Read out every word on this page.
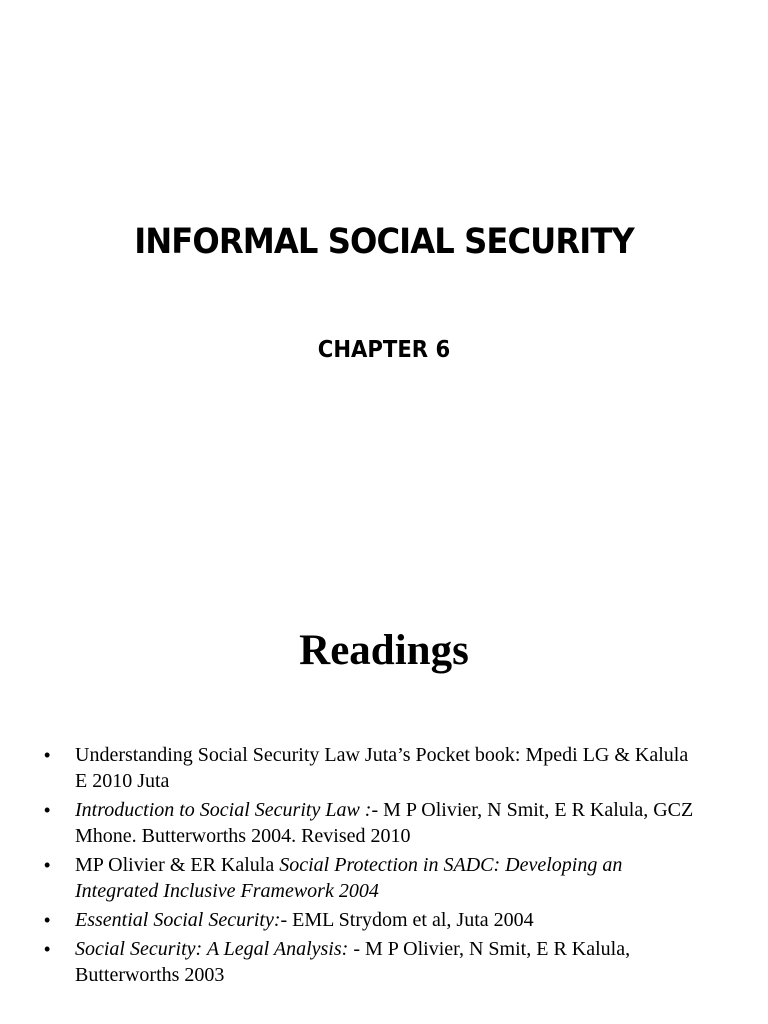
INFORMAL SOCIAL SECURITY
CHAPTER 6
Readings
• Understanding Social Security Law Juta’s Pocket book: Mpedi LG & Kalula E 2010 Juta
• Introduction to Social Security Law :- M P Olivier, N Smit, E R Kalula, GCZ Mhone. Butterworths 2004. Revised 2010
• MP Olivier & ER Kalula Social Protection in SADC: Developing an Integrated Inclusive Framework 2004
• Essential Social Security:- EML Strydom et al, Juta 2004
• Social Security: A Legal Analysis: - M P Olivier, N Smit, E R Kalula, Butterworths 2003
